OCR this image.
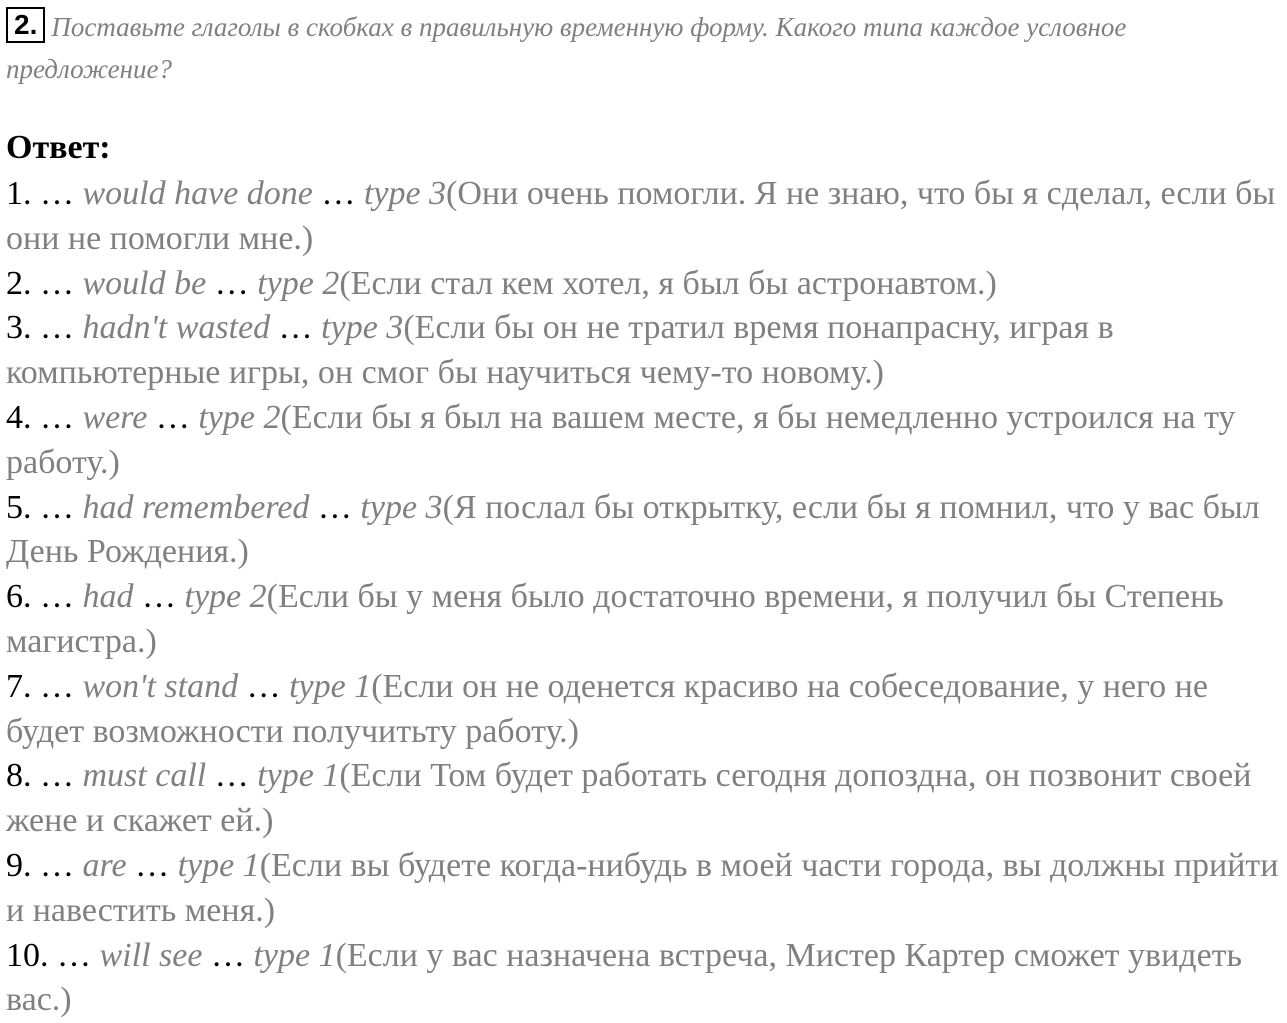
2. Поставьте глаголы в скобках в правильную временную форму. Какого типа каждое условное предложение?
Ответ:

1. … would have done … type 3(Они очень помогли. Я не знаю, что бы я сделал, если бы они не помогли мне.)

2. … would be … type 2(Если стал кем хотел, я был бы астронавтом.)

3. … hadn't wasted … type 3(Если бы он не тратил время понапрасну, играя в компьютерные игры, он смог бы научиться чему-то новому.)

4. … were … type 2(Если бы я был на вашем месте, я бы немедленно устроился на ту работу.)

5. … had remembered … type 3(Я послал бы открытку, если бы я помнил, что у вас был День Рождения.)

6. … had … type 2(Если бы у меня было достаточно времени, я получил бы Степень магистра.)

7. … won't stand … type 1(Если он не оденется красиво на собеседование, у него не будет возможности получитьту работу.)

8. … must call … type 1(Если Том будет работать сегодня допоздна, он позвонит своей жене и скажет ей.)

9. … are … type 1(Если вы будете когда-нибудь в моей части города, вы должны прийти и навестить меня.)

10. … will see … type 1(Если у вас назначена встреча, Мистер Картер сможет увидеть вас.)
